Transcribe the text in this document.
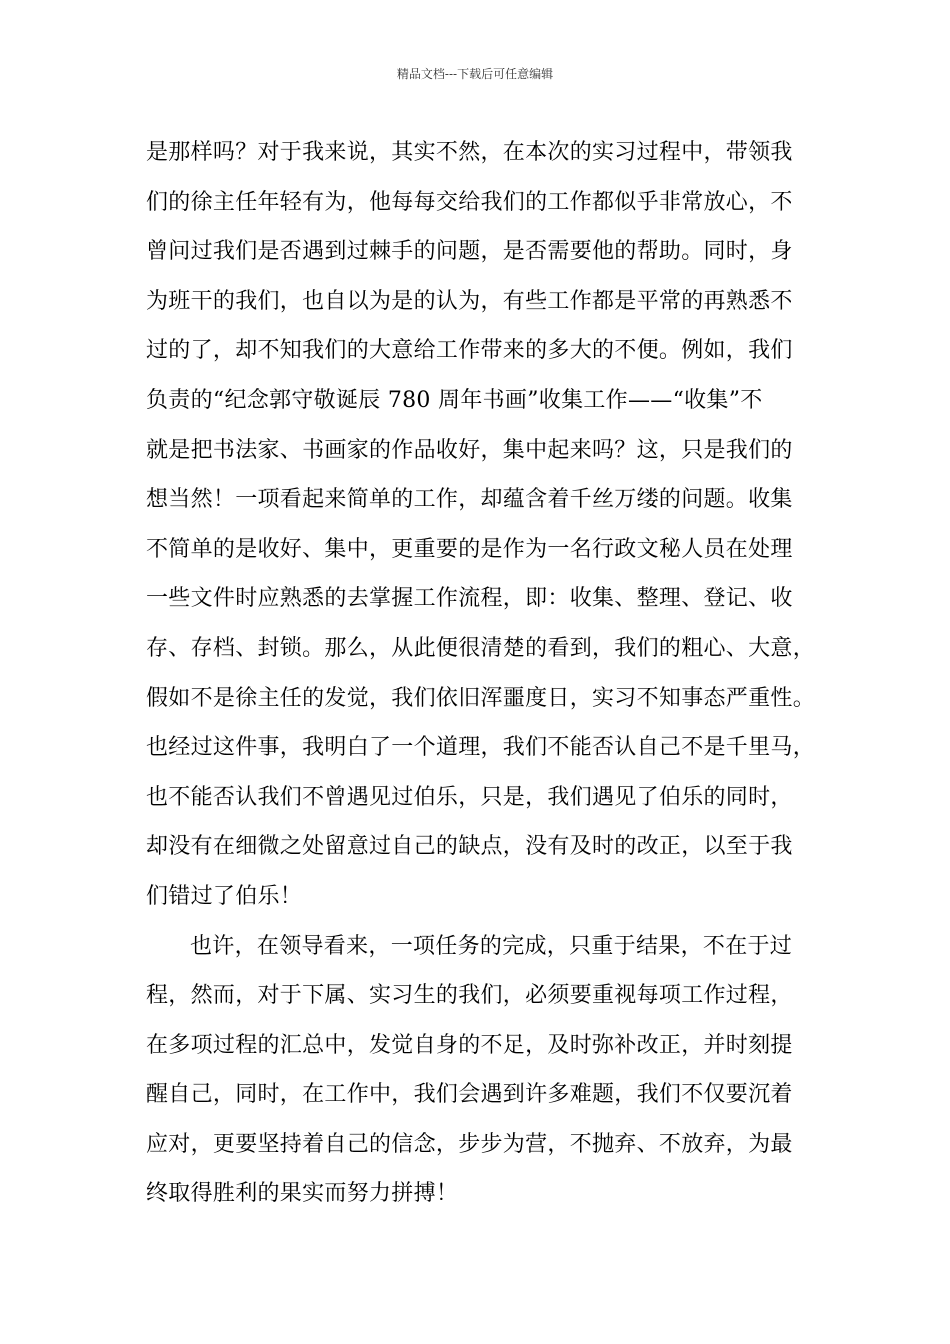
精品文档---下载后可任意编辑
是那样吗？对于我来说，其实不然，在本次的实习过程中，带领我
们的徐主任年轻有为，他每每交给我们的工作都似乎非常放心，不
曾问过我们是否遇到过棘手的问题，是否需要他的帮助。同时，身
为班干的我们，也自以为是的认为，有些工作都是平常的再熟悉不
过的了，却不知我们的大意给工作带来的多大的不便。例如，我们
负责的“纪念郭守敬诞辰 780 周年书画”收集工作——“收集”不
就是把书法家、书画家的作品收好，集中起来吗？这，只是我们的
想当然！一项看起来简单的工作，却蕴含着千丝万缕的问题。收集
不简单的是收好、集中，更重要的是作为一名行政文秘人员在处理
一些文件时应熟悉的去掌握工作流程，即：收集、整理、登记、收
存、存档、封锁。那么，从此便很清楚的看到，我们的粗心、大意，
假如不是徐主任的发觉，我们依旧浑噩度日，实习不知事态严重性。
也经过这件事，我明白了一个道理，我们不能否认自己不是千里马，
也不能否认我们不曾遇见过伯乐，只是，我们遇见了伯乐的同时，
却没有在细微之处留意过自己的缺点，没有及时的改正，以至于我
们错过了伯乐！
也许，在领导看来，一项任务的完成，只重于结果，不在于过
程，然而，对于下属、实习生的我们，必须要重视每项工作过程，
在多项过程的汇总中，发觉自身的不足，及时弥补改正，并时刻提
醒自己，同时，在工作中，我们会遇到许多难题，我们不仅要沉着
应对，更要坚持着自己的信念，步步为营，不抛弃、不放弃，为最
终取得胜利的果实而努力拼搏！
